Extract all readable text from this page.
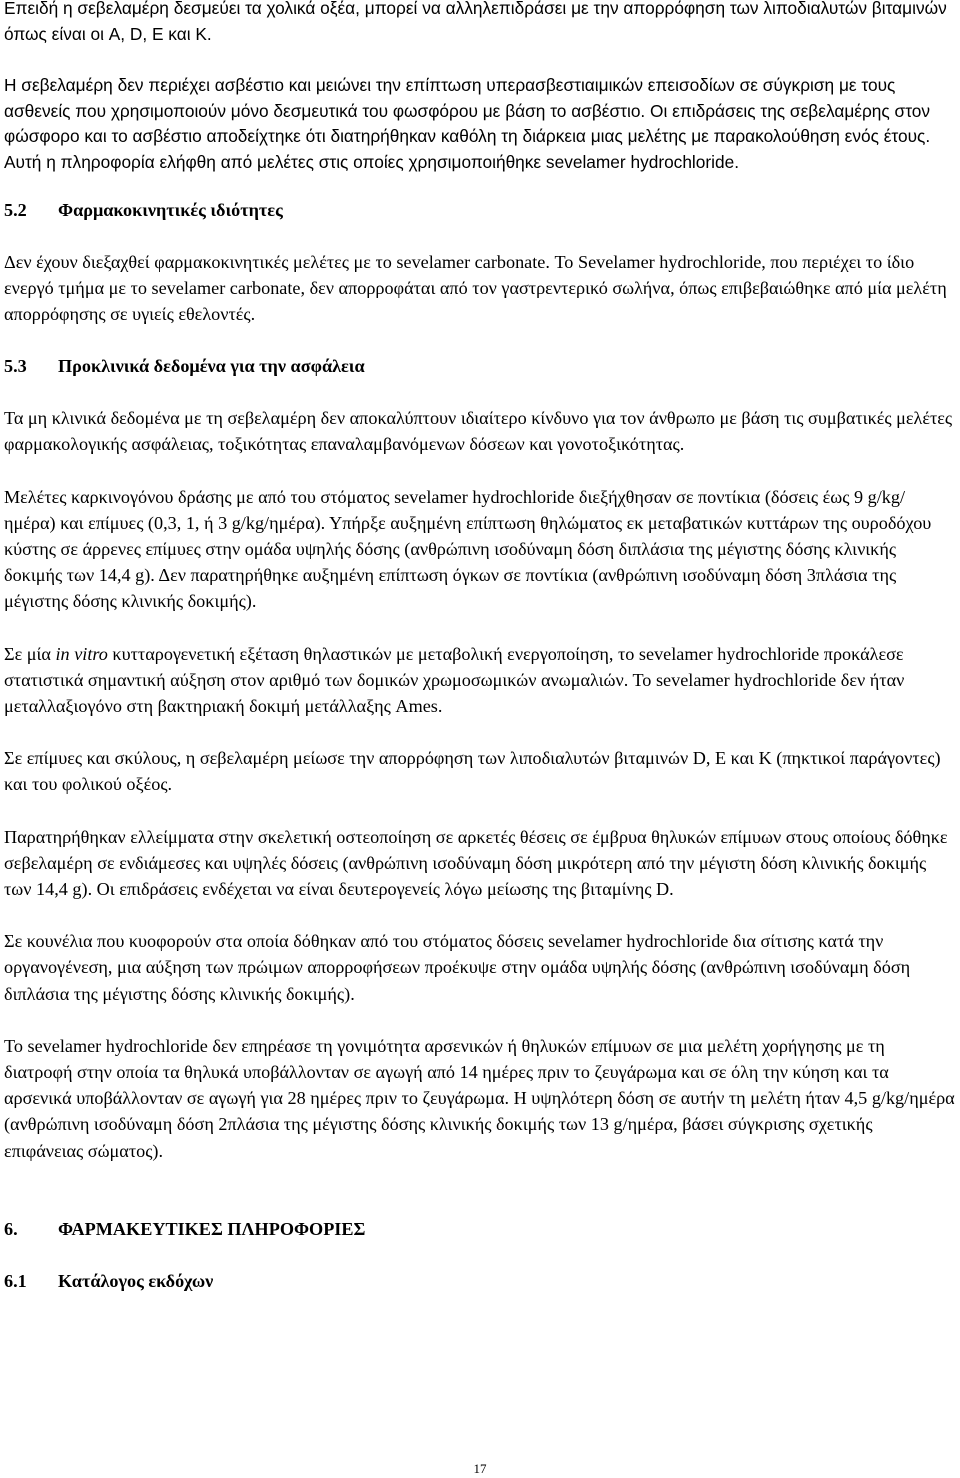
Επειδή η σεβελαμέρη δεσμεύει τα χολικά οξέα, μπορεί να αλληλεπιδράσει με την απορρόφηση των λιποδιαλυτών βιταμινών όπως είναι οι A, D, E και K.

Η σεβελαμέρη δεν περιέχει ασβέστιο και μειώνει την επίπτωση υπερασβεστιαιμικών επεισοδίων σε σύγκριση με τους ασθενείς που χρησιμοποιούν μόνο δεσμευτικά του φωσφόρου με βάση το ασβέστιο. Οι επιδράσεις της σεβελαμέρης στον φώσφορο και το ασβέστιο αποδείχτηκε ότι διατηρήθηκαν καθόλη τη διάρκεια μιας μελέτης με παρακολούθηση ενός έτους. Αυτή η πληροφορία ελήφθη από μελέτες στις οποίες χρησιμοποιήθηκε sevelamer hydrochloride.

5.2	Φαρμακοκινητικές ιδιότητες

Δεν έχουν διεξαχθεί φαρμακοκινητικές μελέτες με το sevelamer carbonate. Το Sevelamer hydrochloride, που περιέχει το ίδιο ενεργό τμήμα με το sevelamer carbonate, δεν απορροφάται από τον γαστρεντερικό σωλήνα, όπως επιβεβαιώθηκε από μία μελέτη απορρόφησης σε υγιείς εθελοντές.

5.3	Προκλινικά δεδομένα για την ασφάλεια

Τα μη κλινικά δεδομένα με τη σεβελαμέρη δεν αποκαλύπτουν ιδιαίτερο κίνδυνο για τον άνθρωπο με βάση τις συμβατικές μελέτες φαρμακολογικής ασφάλειας, τοξικότητας επαναλαμβανόμενων δόσεων και γονοτοξικότητας.

Μελέτες καρκινογόνου δράσης με από του στόματος sevelamer hydrochloride διεξήχθησαν σε ποντίκια (δόσεις έως 9 g/kg/ημέρα) και επίμυες (0,3, 1, ή 3 g/kg/ημέρα). Υπήρξε αυξημένη επίπτωση θηλώματος εκ μεταβατικών κυττάρων της ουροδόχου κύστης σε άρρενες επίμυες στην ομάδα υψηλής δόσης (ανθρώπινη ισοδύναμη δόση διπλάσια της μέγιστης δόσης κλινικής δοκιμής των 14,4 g). Δεν παρατηρήθηκε αυξημένη επίπτωση όγκων σε ποντίκια (ανθρώπινη ισοδύναμη δόση 3πλάσια της μέγιστης δόσης κλινικής δοκιμής).

Σε μία in vitro κυτταρογενετική εξέταση θηλαστικών με μεταβολική ενεργοποίηση, το sevelamer hydrochloride προκάλεσε στατιστικά σημαντική αύξηση στον αριθμό των δομικών χρωμοσωμικών ανωμαλιών. Το sevelamer hydrochloride δεν ήταν μεταλλαξιογόνο στη βακτηριακή δοκιμή μετάλλαξης Ames.

Σε επίμυες και σκύλους, η σεβελαμέρη μείωσε την απορρόφηση των λιποδιαλυτών βιταμινών D, E και K (πηκτικοί παράγοντες) και του φολικού οξέος.

Παρατηρήθηκαν ελλείμματα στην σκελετική οστεοποίηση σε αρκετές θέσεις σε έμβρυα θηλυκών επίμυων στους οποίους δόθηκε σεβελαμέρη σε ενδιάμεσες και υψηλές δόσεις (ανθρώπινη ισοδύναμη δόση μικρότερη από την μέγιστη δόση κλινικής δοκιμής των 14,4 g). Οι επιδράσεις ενδέχεται να είναι δευτερογενείς λόγω μείωσης της βιταμίνης D.

Σε κουνέλια που κυοφορούν στα οποία δόθηκαν από του στόματος δόσεις sevelamer hydrochloride δια σίτισης κατά την οργανογένεση, μια αύξηση των πρώιμων απορροφήσεων προέκυψε στην ομάδα υψηλής δόσης (ανθρώπινη ισοδύναμη δόση διπλάσια της μέγιστης δόσης κλινικής δοκιμής).

Το sevelamer hydrochloride δεν επηρέασε τη γονιμότητα αρσενικών ή θηλυκών επίμυων σε μια μελέτη χορήγησης με τη διατροφή στην οποία τα θηλυκά υποβάλλονταν σε αγωγή από 14 ημέρες πριν το ζευγάρωμα και σε όλη την κύηση και τα αρσενικά υποβάλλονταν σε αγωγή για 28 ημέρες πριν το ζευγάρωμα. Η υψηλότερη δόση σε αυτήν τη μελέτη ήταν 4,5 g/kg/ημέρα (ανθρώπινη ισοδύναμη δόση 2πλάσια της μέγιστης δόσης κλινικής δοκιμής των 13 g/ημέρα, βάσει σύγκρισης σχετικής επιφάνειας σώματος).

6.	ΦΑΡΜΑΚΕΥΤΙΚΕΣ ΠΛΗΡΟΦΟΡΙΕΣ
6.1	Κατάλογος εκδόχων
17
